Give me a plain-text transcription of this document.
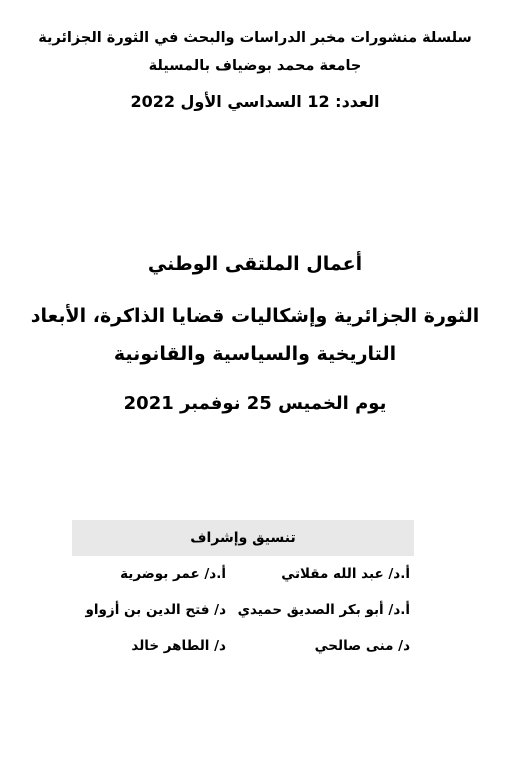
سلسلة منشورات مخبر الدراسات والبحث في الثورة الجزائرية
جامعة محمد بوضياف بالمسيلة
العدد: 12 السداسي الأول 2022
أعمال الملتقى الوطني
الثورة الجزائرية وإشكاليات قضايا الذاكرة، الأبعاد
التاريخية والسياسية والقانونية
يوم الخميس 25 نوفمبر 2021
تنسيق وإشراف
أ.د/ عبد الله مقلاتي
أ.د/ عمر بوضرية
أ.د/ أبو بكر الصديق حميدي
د/ فتح الدين بن أزواو
د/ منى صالحي
د/ الطاهر خالد
